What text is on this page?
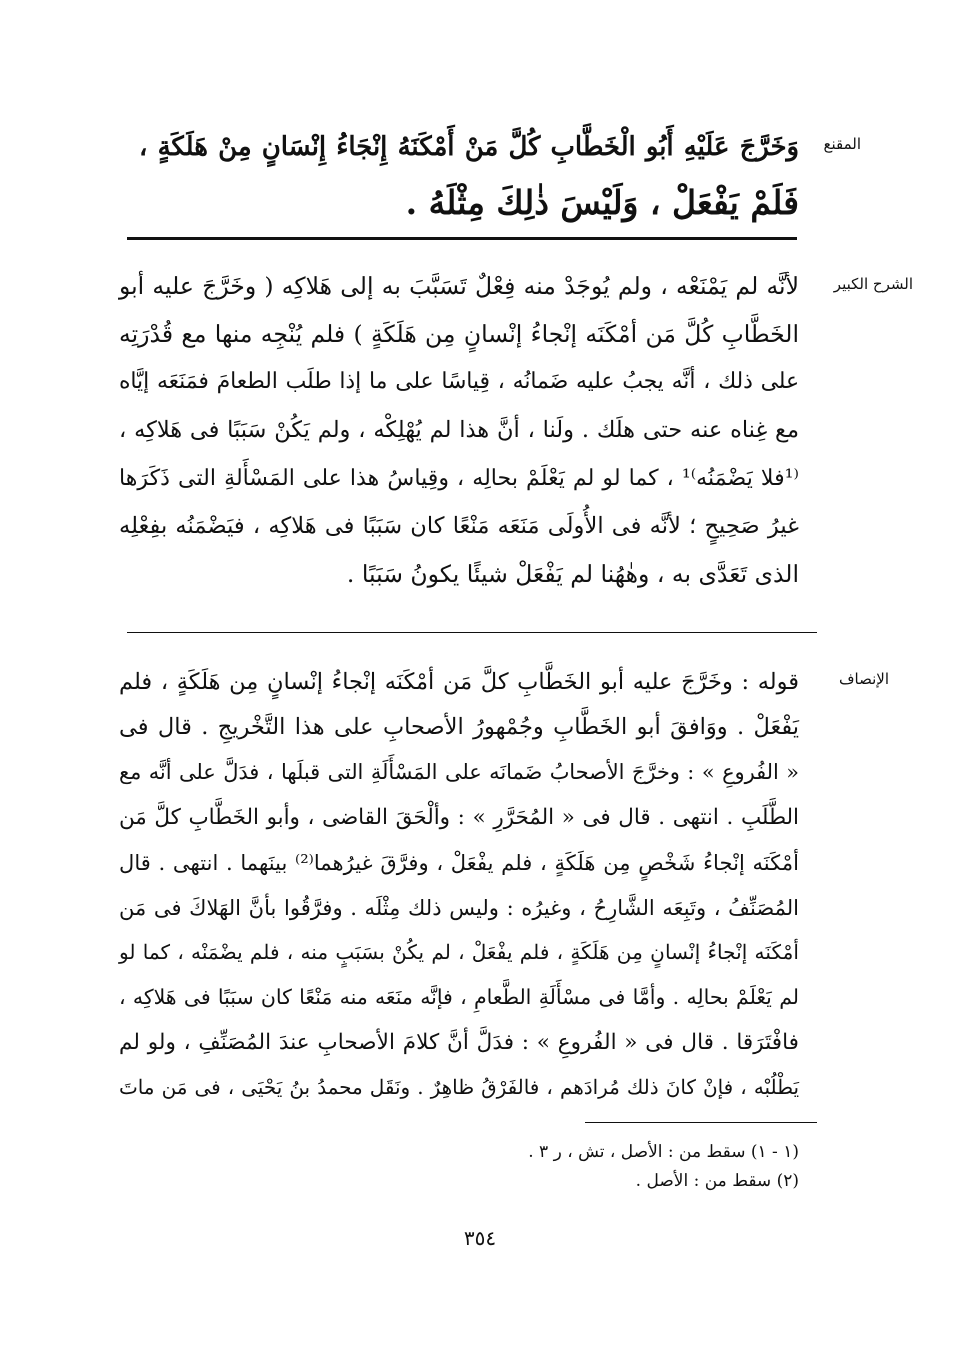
المقنع
وَخَرَّجَ عَلَيْهِ أَبُو الْخَطَّابِ كُلَّ مَنْ أَمْكَنَهُ إِنْجَاءُ إِنْسَانٍ مِنْ هَلَكَةٍ ،
فَلَمْ يَفْعَلْ ، وَلَيْسَ ذٰلِكَ مِثْلَهُ .
الشرح الكبير
لأنَّه لم يَمْنَعْه ، ولم يُوجَدْ منه فِعْلٌ تَسَبَّبَ به إلى هَلاكِه ( وخَرَّجَ عليه أبو
الخَطَّابِ كُلَّ مَن أمْكَنَه إنْجاءُ إنْسانٍ مِن هَلَكَةٍ ) فلم يُنْجِه منها مع قُدْرَتِه
على ذلك ، أنَّه يجبُ عليه ضَمانُه ، قِياسًا على ما إذا طلَب الطعامَ فمَنَعَه إيَّاه
مع غِناه عنه حتى هلَك . ولَنا ، أنَّ هذا لم يُهْلِكْه ، ولم يَكُنْ سَبَبًا فى هَلاكِه ،
⁽¹فلا يَضْمَنُه⁾¹ ، كما لو لم يَعْلَمْ بحالِه ، وقِياسُ هذا على المَسْأَلةِ التى ذَكَرَها
غيرُ صَحِيحٍ ؛ لأنَّه فى الأُولَى مَنَعَه مَنْعًا كان سَبَبًا فى هَلاكِه ، فيَضْمَنُه بفِعْلِه
الذى تَعَدَّى به ، وهٰهُنا لم يَفْعَلْ شيئًا يكونُ سَبَبًا .
الإنصاف
قوله : وخَرَّجَ عليه أبو الخَطَّابِ كلَّ مَن أمْكَنَه إنْجاءُ إنْسانٍ مِن هَلَكَةٍ ، فلم
يَفْعَلْ . ووَافقَ أبو الخَطَّابِ وجُمْهورُ الأصحابِ على هذا التَّخْريجِ . قال فى
« الفُروعِ » : وخرَّجَ الأصحابُ ضَمانَه على المَسْأَلَةِ التى قبلَها ، فدَلَّ على أنَّه مع
الطَّلَبِ . انتهى . قال فى « المُحَرَّرِ » : وألْحَقَ القاضى ، وأبو الخَطَّابِ كلَّ مَن
أمْكَنَه إنْجاءُ شَخْصٍ مِن هَلَكَةٍ ، فلم يفْعَلْ ، وفرَّقَ غيرُهما⁽²⁾ بينَهما . انتهى . قال
المُصَنِّفُ ، وتَبِعَه الشَّارِحُ ، وغيرُه : وليس ذلك مِثْلَه . وفرَّقُوا بأنَّ الهَلاكَ فى مَن
أمْكَنَه إنْجاءُ إنْسانٍ مِن هَلَكَةٍ ، فلم يفْعَلْ ، لم يكُنْ بسَبَبٍ منه ، فلم يضْمَنْه ، كما لو
لم يَعْلَمْ بحالِه . وأمَّا فى مسْأَلَةِ الطَّعامِ ، فإنَّه منَعَه منه مَنْعًا كان سبَبًا فى هَلاكِه ،
فافْتَرَقا . قال فى « الفُروعِ » : فدَلَّ أنَّ كلامَ الأصحابِ عندَ المُصَنِّفِ ، ولو لم
يَطْلُبْه ، فإنْ كانَ ذلك مُرادَهم ، فالفَرْقُ ظاهِرٌ . ونَقَل محمدُ بنُ يَحْيَى ، فى مَن ماتَ
(١ - ١) سقط من : الأصل ، تش ، ر ٣ .
(٢) سقط من : الأصل .
٣٥٤
